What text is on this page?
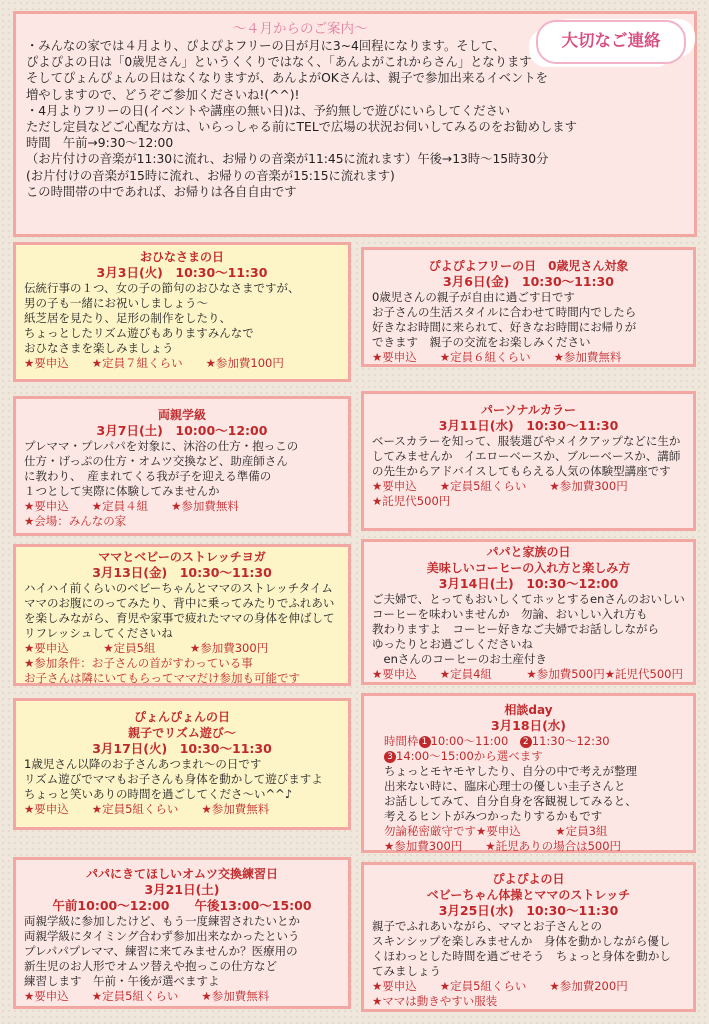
～４月からのご案内～
・みんなの家では４月より、ぴよぴよフリーの日が月に3~4回程になります。そして、
ぴよぴよの日は「0歳児さん」というくくりではなく、「あんよがこれからさん」となります
そしてぴょんぴょんの日はなくなりますが、あんよがOKさんは、親子で参加出来るイベントを
増やしますので、どうぞご参加くださいね!(^^)!
・4月よりフリーの日(イベントや講座の無い日)は、予約無しで遊びにいらしてください
ただし定員などご心配な方は、いらっしゃる前にTELで広場の状況お伺いしてみるのをお勧めします
時間　午前→9:30～12:00
（お片付けの音楽が11:30に流れ、お帰りの音楽が11:45に流れます）午後→13時～15時30分
(お片付けの音楽が15時に流れ、お帰りの音楽が15:15に流れます)
この時間帯の中であれば、お帰りは各自自由です
大切なご連絡
おひなさまの日
3月3日(火)　10:30～11:30
伝統行事の１つ、女の子の節句のおひなさまですが、
男の子も一緒にお祝いしましょう～
紙芝居を見たり、足形の制作をしたり、
ちょっとしたリズム遊びもありますみんなで
おひなさまを楽しみましょう
★要申込　　★定員７組くらい　　★参加費100円
ぴよぴよフリーの日　0歳児さん対象
3月6日(金)　10:30～11:30
0歳児さんの親子が自由に過ごす日です
お子さんの生活スタイルに合わせて時間内でしたら
好きなお時間に来られて、好きなお時間にお帰りが
できます　親子の交流をお楽しみください
★要申込　　★定員６組くらい　　★参加費無料
両親学級
3月7日(土)　10:00～12:00
プレママ・プレパパを対象に、沐浴の仕方・抱っこの
仕方・げっぷの仕方・オムツ交換など、助産師さん
に教わり、　産まれてくる我が子を迎える準備の
１つとして実際に体験してみませんか
★要申込　　★定員４組　　★参加費無料
★会場：みんなの家
パーソナルカラー
3月11日(水)　10:30～11:30
ベースカラーを知って、服装選びやメイクアップなどに生か
してみませんか　イエローベースか、ブルーベースか、講師
の先生からアドバイスしてもらえる人気の体験型講座です
★要申込　　★定員5組くらい　　★参加費300円
★託児代500円
ママとベビーのストレッチヨガ
3月13日(金)　10:30～11:30
ハイハイ前くらいのベビーちゃんとママのストレッチタイム
ママのお腹にのってみたり、背中に乗ってみたりでふれあい
を楽しみながら、育児や家事で疲れたママの身体を伸ばして
リフレッシュしてくださいね
★要申込　　　★定員5組　　　★参加費300円
★参加条件：お子さんの首がすわっている事
お子さんは隣にいてもらってママだけ参加も可能です
パパと家族の日
美味しいコーヒーの入れ方と楽しみ方
3月14日(土)　10:30～12:00
ご夫婦で、とってもおいしくてホッとするenさんのおいしい
コーヒーを味わいませんか　勿論、おいしい入れ方も
教わりますよ　コーヒー好きなご夫婦でお話ししながら
ゆったりとお過ごしくださいね
　enさんのコーヒーのお土産付き
★要申込　　★定員4組　　　★参加費500円★託児代500円
ぴょんぴょんの日
親子でリズム遊び～
3月17日(火)　10:30～11:30
1歳児さん以降のお子さんあつまれ～の日です
リズム遊びでママもお子さんも身体を動かして遊びますよ
ちょっと笑いありの時間を過ごしてくださ～い^^♪
★要申込　　★定員5組くらい　　★参加費無料
相談day
3月18日(水)
時間枠 1 10:00～11:00　 2 11:30～12:30
3 14:00～15:00から選べます
ちょっとモヤモヤしたり、自分の中で考えが整理
出来ない時に、臨床心理士の優しい圭子さんと
お話ししてみて、自分自身を客観視してみると、
考えるヒントがみつかったりするかもです
勿論秘密厳守です★要申込　　　★定員3組
★参加費300円　　★託児ありの場合は500円
パパにきてほしいオムツ交換練習日
3月21日(土)
午前10:00～12:00　　午後13:00～15:00
両親学級に参加したけど、もう一度練習されたいとか
両親学級にタイミング合わず参加出来なかったという
プレパパプレママ、練習に来てみませんか？医療用の
新生児のお人形でオムツ替えや抱っこの仕方など
練習します　午前・午後が選べますよ
★要申込　　★定員5組くらい　　★参加費無料
ぴよぴよの日
ベビーちゃん体操とママのストレッチ
3月25日(水)　10:30～11:30
親子でふれあいながら、ママとお子さんとの
スキンシップを楽しみませんか　身体を動かしながら優し
くほわっとした時間を過ごせそう　ちょっと身体を動かし
てみましょう
★要申込　　★定員5組くらい　　★参加費200円
★ママは動きやすい服装
